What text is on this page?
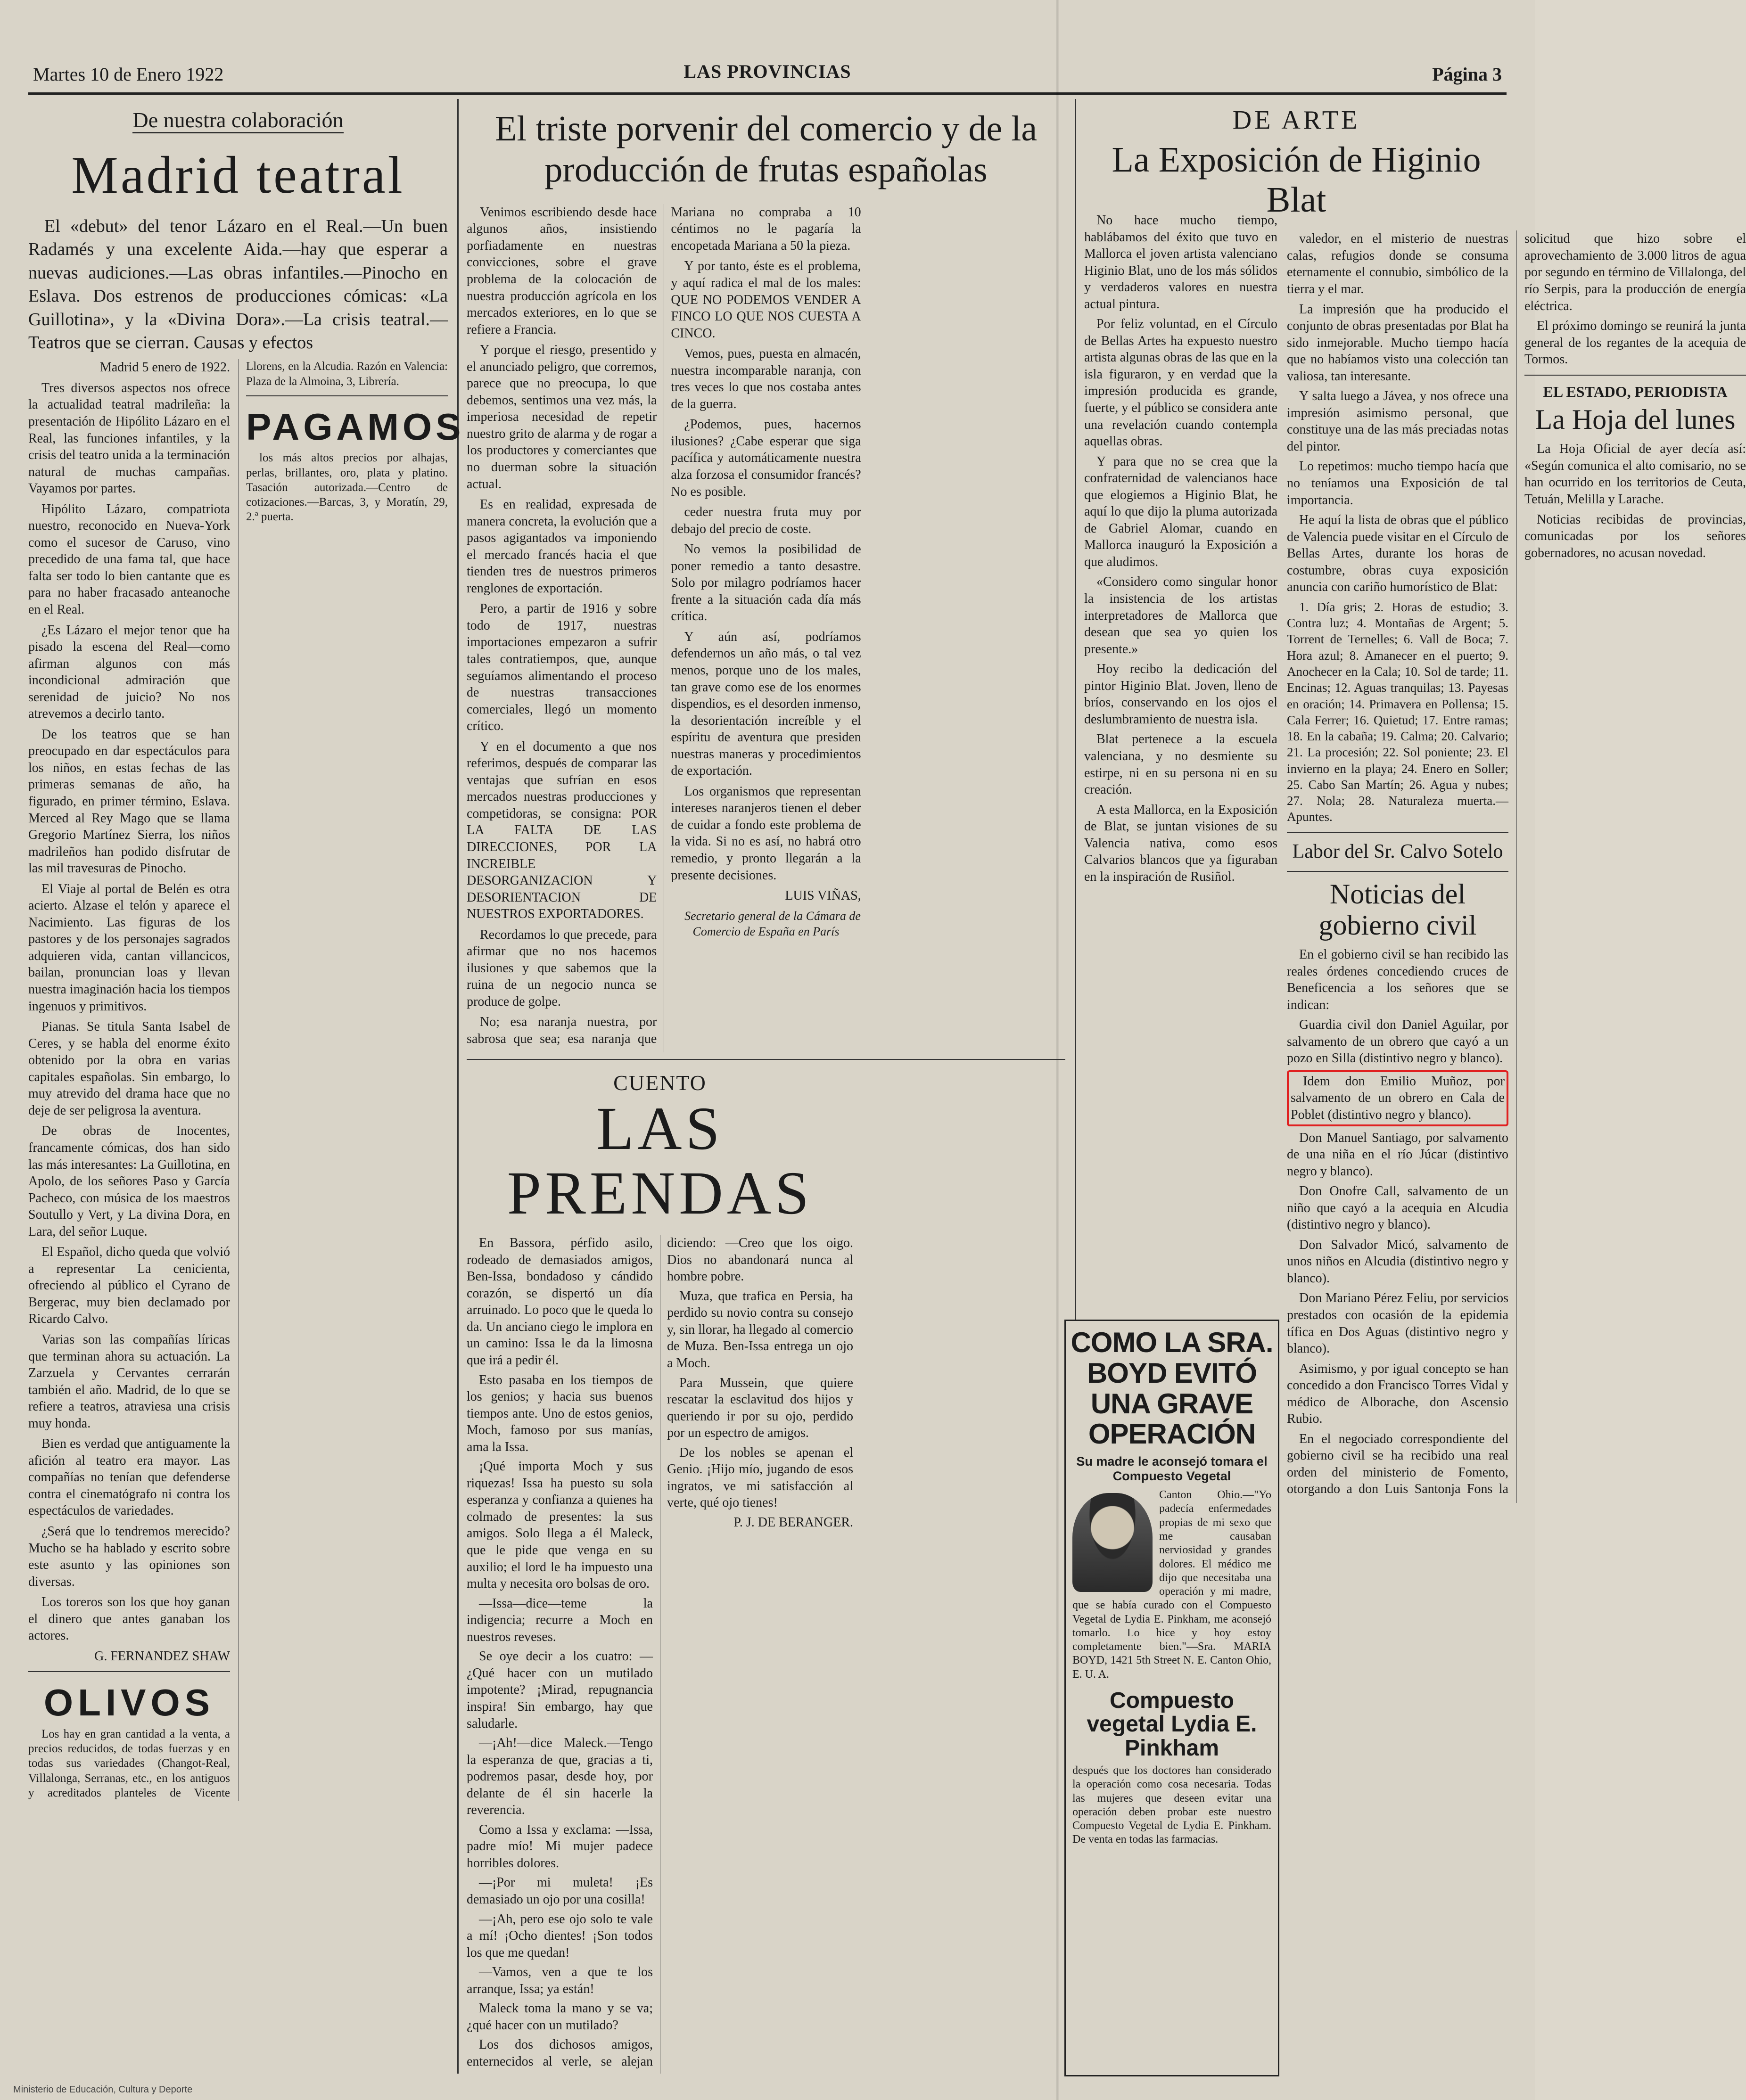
Martes 10 de Enero 1922	LAS PROVINCIAS	Página 3
De nuestra colaboración
Madrid teatral

El «debut» del tenor Lázaro en el Real.—Un buen Radamés y una excelente Aida.—hay que esperar a nuevas audiciones.—Las obras infantiles.—Pinocho en Eslava. Dos estrenos de producciones cómicas: «La Guillotina», y la «Divina Dora».—La crisis teatral.—Teatros que se cierran. Causas y efectos

Madrid 5 enero de 1922.

Tres diversos aspectos nos ofrece la actualidad teatral madrileña: la presentación de Hipólito Lázaro en el Real, las funciones infantiles, y la crisis del teatro unida a la terminación natural de muchas campañas. Vayamos por partes.

Hipólito Lázaro, compatriota nuestro, reconocido en Nueva-York como el sucesor de Caruso, vino precedido de una fama tal, que hace falta ser todo lo bien cantante que es para no haber fracasado anteanoche en el Real.

¿Es Lázaro el mejor tenor que ha pisado la escena del Real—como afirman algunos con más incondicional admiración que serenidad de juicio? No nos atrevemos a decirlo tanto.

De los teatros que se han preocupado en dar espectáculos para los niños, en estas fechas de las primeras semanas de año, ha figurado, en primer término, Eslava. Merced al Rey Mago que se llama Gregorio Martínez Sierra, los niños madrileños han podido disfrutar de las mil travesuras de Pinocho.

El Viaje al portal de Belén es otra acierto. Alzase el telón y aparece el Nacimiento. Las figuras de los pastores y de los personajes sagrados adquieren vida, cantan villancicos, bailan, pronuncian loas y llevan nuestra imaginación hacia los tiempos ingenuos y primitivos.

Pianas. Se titula Santa Isabel de Ceres, y se habla del enorme éxito obtenido por la obra en varias capitales españolas. Sin embargo, lo muy atrevido del drama hace que no deje de ser peligrosa la aventura.

De obras de Inocentes, francamente cómicas, dos han sido las más interesantes: La Guillotina, en Apolo, de los señores Paso y García Pacheco, con música de los maestros Soutullo y Vert, y La divina Dora, en Lara, del señor Luque.

El Español, dicho queda que volvió a representar La cenicienta, ofreciendo al público el Cyrano de Bergerac, muy bien declamado por Ricardo Calvo.

Varias son las compañías líricas que terminan ahora su actuación. La Zarzuela y Cervantes cerrarán también el año. Madrid, de lo que se refiere a teatros, atraviesa una crisis muy honda.

Bien es verdad que antiguamente la afición al teatro era mayor. Las compañías no tenían que defenderse contra el cinematógrafo ni contra los espectáculos de variedades.

¿Será que lo tendremos merecido? Mucho se ha hablado y escrito sobre este asunto y las opiniones son diversas.

Los toreros son los que hoy ganan el dinero que antes ganaban los actores.

G. FERNANDEZ SHAW

OLIVOS

Los hay en gran cantidad a la venta, a precios reducidos, de todas fuerzas y en todas sus variedades (Changot-Real, Villalonga, Serranas, etc., en los antiguos y acreditados planteles de Vicente Llorens, en la Alcudia. Razón en Valencia: Plaza de la Almoina, 3, Librería.

PAGAMOS

los más altos precios por alhajas, perlas, brillantes, oro, plata y platino. Tasación autorizada.—Centro de cotizaciones.—Barcas, 3, y Moratín, 29, 2.ª puerta.

El triste porvenir del comercio y de la producción de frutas españolas

Venimos escribiendo desde hace algunos años, insistiendo porfiadamente en nuestras convicciones, sobre el grave problema de la colocación de nuestra producción agrícola en los mercados exteriores, en lo que se refiere a Francia.

Y porque el riesgo, presentido y el anunciado peligro, que corremos, parece que no preocupa, lo que debemos, sentimos una vez más, la imperiosa necesidad de repetir nuestro grito de alarma y de rogar a los productores y comerciantes que no duerman sobre la situación actual.

Es en realidad, expresada de manera concreta, la evolución que a pasos agigantados va imponiendo el mercado francés hacia el que tienden tres de nuestros primeros renglones de exportación.

Pero, a partir de 1916 y sobre todo de 1917, nuestras importaciones empezaron a sufrir tales contratiempos, que, aunque seguíamos alimentando el proceso de nuestras transacciones comerciales, llegó un momento crítico.

Y en el documento a que nos referimos, después de comparar las ventajas que sufrían en esos mercados nuestras producciones y competidoras, se consigna: POR LA FALTA DE LAS DIRECCIONES, POR LA INCREIBLE DESORGANIZACION Y DESORIENTACION DE NUESTROS EXPORTADORES.

Recordamos lo que precede, para afirmar que no nos hacemos ilusiones y que sabemos que la ruina de un negocio nunca se produce de golpe.

No; esa naranja nuestra, por sabrosa que sea; esa naranja que Mariana no compraba a 10 céntimos no le pagaría la encopetada Mariana a 50 la pieza.

Y por tanto, éste es el problema, y aquí radica el mal de los males: QUE NO PODEMOS VENDER A FINCO LO QUE NOS CUESTA A CINCO.

Vemos, pues, puesta en almacén, nuestra incomparable naranja, con tres veces lo que nos costaba antes de la guerra.

¿Podemos, pues, hacernos ilusiones? ¿Cabe esperar que siga pacífica y automáticamente nuestra alza forzosa el consumidor francés? No es posible.

ceder nuestra fruta muy por debajo del precio de coste.

No vemos la posibilidad de poner remedio a tanto desastre. Solo por milagro podríamos hacer frente a la situación cada día más crítica.

Y aún así, podríamos defendernos un año más, o tal vez menos, porque uno de los males, tan grave como ese de los enormes dispendios, es el desorden inmenso, la desorientación increíble y el espíritu de aventura que presiden nuestras maneras y procedimientos de exportación.

Los organismos que representan intereses naranjeros tienen el deber de cuidar a fondo este problema de la vida. Si no es así, no habrá otro remedio, y pronto llegarán a la presente decisiones.

LUIS VIÑAS,

Secretario general de la Cámara de Comercio de España en París

CUENTO
LAS PRENDAS

En Bassora, pérfido asilo, rodeado de demasiados amigos, Ben-Issa, bondadoso y cándido corazón, se dispertó un día arruinado. Lo poco que le queda lo da. Un anciano ciego le implora en un camino: Issa le da la limosna que irá a pedir él.

Esto pasaba en los tiempos de los genios; y hacia sus buenos tiempos ante. Uno de estos genios, Moch, famoso por sus manías, ama la Issa.

¡Qué importa Moch y sus riquezas! Issa ha puesto su sola esperanza y confianza a quienes ha colmado de presentes: la sus amigos. Solo llega a él Maleck, que le pide que venga en su auxilio; el lord le ha impuesto una multa y necesita oro bolsas de oro.

—Issa—dice—teme la indigencia; recurre a Moch en nuestros reveses.

Se oye decir a los cuatro: —¿Qué hacer con un mutilado impotente? ¡Mirad, repugnancia inspira! Sin embargo, hay que saludarle.

—¡Ah!—dice Maleck.—Tengo la esperanza de que, gracias a ti, podremos pasar, desde hoy, por delante de él sin hacerle la reverencia.

Como a Issa y exclama: —Issa, padre mío! Mi mujer padece horribles dolores.

—¡Por mi muleta! ¡Es demasiado un ojo por una cosilla!

—¡Ah, pero ese ojo solo te vale a mí! ¡Ocho dientes! ¡Son todos los que me quedan!

—Vamos, ven a que te los arranque, Issa; ya están!

Maleck toma la mano y se va; ¿qué hacer con un mutilado?

Los dos dichosos amigos, enternecidos al verle, se alejan diciendo: —Creo que los oigo. Dios no abandonará nunca al hombre pobre.

Muza, que trafica en Persia, ha perdido su novio contra su consejo y, sin llorar, ha llegado al comercio de Muza. Ben-Issa entrega un ojo a Moch.

Para Mussein, que quiere rescatar la esclavitud dos hijos y queriendo ir por su ojo, perdido por un espectro de amigos.

De los nobles se apenan el Genio. ¡Hijo mío, jugando de esos ingratos, ve mi satisfacción al verte, qué ojo tienes!

P. J. DE BERANGER.

COMO LA SRA. BOYD EVITÓ UNA GRAVE OPERACIÓN
Su madre le aconsejó tomara el Compuesto Vegetal
Canton Ohio.—"Yo padecía enfermedades propias de mi sexo que me causaban nerviosidad y grandes dolores. El médico me dijo que necesitaba una operación y mi madre, que se había curado con el Compuesto Vegetal de Lydia E. Pinkham, me aconsejó tomarlo. Lo hice y hoy estoy completamente bien."—Sra. MARIA BOYD, 1421 5th Street N. E. Canton Ohio, E. U. A.
Compuesto vegetal Lydia E. Pinkham
después que los doctores han considerado la operación como cosa necesaria. Todas las mujeres que deseen evitar una operación deben probar este nuestro Compuesto Vegetal de Lydia E. Pinkham. De venta en todas las farmacias.
DE ARTE
La Exposición de Higinio Blat

valedor, en el misterio de nuestras calas, refugios donde se consuma eternamente el connubio, simbólico de la tierra y el mar.

La impresión que ha producido el conjunto de obras presentadas por Blat ha sido inmejorable. Mucho tiempo hacía que no habíamos visto una colección tan valiosa, tan interesante.

Y salta luego a Jávea, y nos ofrece una impresión asimismo personal, que constituye una de las más preciadas notas del pintor.

Lo repetimos: mucho tiempo hacía que no teníamos una Exposición de tal importancia.

He aquí la lista de obras que el público de Valencia puede visitar en el Círculo de Bellas Artes, durante los horas de costumbre, obras cuya exposición anuncia con cariño humorístico de Blat:

1. Día gris; 2. Horas de estudio; 3. Contra luz; 4. Montañas de Argent; 5. Torrent de Ternelles; 6. Vall de Boca; 7. Hora azul; 8. Amanecer en el puerto; 9. Anochecer en la Cala; 10. Sol de tarde; 11. Encinas; 12. Aguas tranquilas; 13. Payesas en oración; 14. Primavera en Pollensa; 15. Cala Ferrer; 16. Quietud; 17. Entre ramas; 18. En la cabaña; 19. Calma; 20. Calvario; 21. La procesión; 22. Sol poniente; 23. El invierno en la playa; 24. Enero en Soller; 25. Cabo San Martín; 26. Agua y nubes; 27. Nola; 28. Naturaleza muerta.—Apuntes.

Labor del Sr. Calvo Sotelo
Noticias del gobierno civil

En el gobierno civil se han recibido las reales órdenes concediendo cruces de Beneficencia a los señores que se indican:

Guardia civil don Daniel Aguilar, por salvamento de un obrero que cayó a un pozo en Silla (distintivo negro y blanco).

Idem don Emilio Muñoz, por salvamento de un obrero en Cala de Poblet (distintivo negro y blanco).

Don Manuel Santiago, por salvamento de una niña en el río Júcar (distintivo negro y blanco).

Don Onofre Call, salvamento de un niño que cayó a la acequia en Alcudia (distintivo negro y blanco).

Don Salvador Micó, salvamento de unos niños en Alcudia (distintivo negro y blanco).

Don Mariano Pérez Feliu, por servicios prestados con ocasión de la epidemia tífica en Dos Aguas (distintivo negro y blanco).

Asimismo, y por igual concepto se han concedido a don Francisco Torres Vidal y médico de Alborache, don Ascensio Rubio.

En el negociado correspondiente del gobierno civil se ha recibido una real orden del ministerio de Fomento, otorgando a don Luis Santonja Fons la solicitud que hizo sobre el aprovechamiento de 3.000 litros de agua por segundo en término de Villalonga, del río Serpis, para la producción de energía eléctrica.

El próximo domingo se reunirá la junta general de los regantes de la acequia de Tormos.

EL ESTADO, PERIODISTA
La Hoja del lunes

La Hoja Oficial de ayer decía así: «Según comunica el alto comisario, no se han ocurrido en los territorios de Ceuta, Tetuán, Melilla y Larache.

Noticias recibidas de provincias, comunicadas por los señores gobernadores, no acusan novedad.

No hace mucho tiempo, hablábamos del éxito que tuvo en Mallorca el joven artista valenciano Higinio Blat, uno de los más sólidos y verdaderos valores en nuestra actual pintura.

Por feliz voluntad, en el Círculo de Bellas Artes ha expuesto nuestro artista algunas obras de las que en la isla figuraron, y en verdad que la impresión producida es grande, fuerte, y el público se considera ante una revelación cuando contempla aquellas obras.

Y para que no se crea que la confraternidad de valencianos hace que elogiemos a Higinio Blat, he aquí lo que dijo la pluma autorizada de Gabriel Alomar, cuando en Mallorca inauguró la Exposición a que aludimos.

«Considero como singular honor la insistencia de los artistas interpretadores de Mallorca que desean que sea yo quien los presente.»

Hoy recibo la dedicación del pintor Higinio Blat. Joven, lleno de bríos, conservando en los ojos el deslumbramiento de nuestra isla.

Blat pertenece a la escuela valenciana, y no desmiente su estirpe, ni en su persona ni en su creación.

A esta Mallorca, en la Exposición de Blat, se juntan visiones de su Valencia nativa, como esos Calvarios blancos que ya figuraban en la inspiración de Rusiñol.

Ministerio de Educación, Cultura y Deporte
